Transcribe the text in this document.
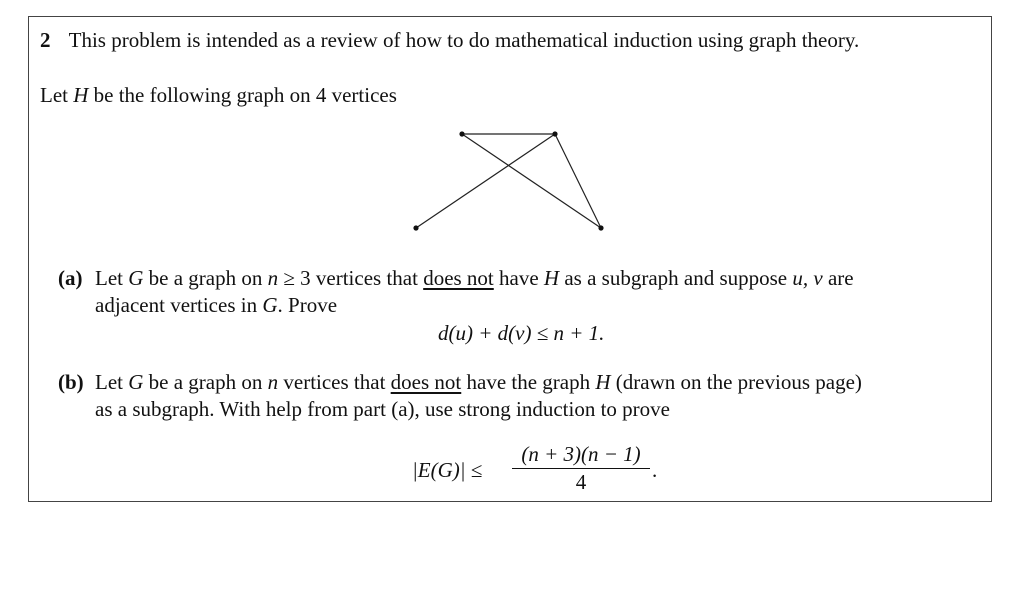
2 This problem is intended as a review of how to do mathematical induction using graph theory.
Let H be the following graph on 4 vertices
(a) Let G be a graph on n ≥ 3 vertices that does not have H as a subgraph and suppose u, v are
adjacent vertices in G. Prove
d(u) + d(v) ≤ n + 1.
(b) Let G be a graph on n vertices that does not have the graph H (drawn on the previous page)
as a subgraph. With help from part (a), use strong induction to prove
|E(G)| ≤
(n + 3)(n − 1)
4	.
